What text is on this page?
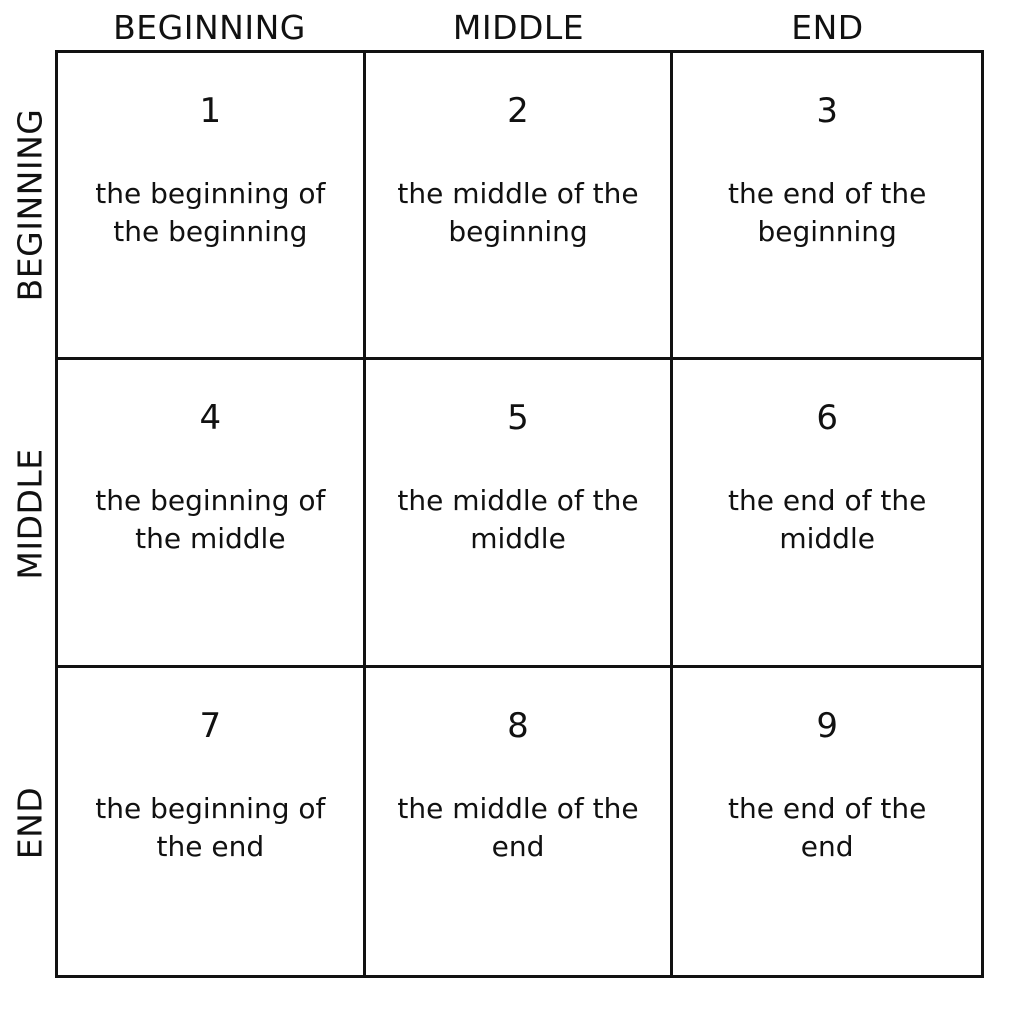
BEGINNING	MIDDLE	END
BEGINNING
MIDDLE
END
1
the beginning of
the beginning
2
the middle of the
beginning
3
the end of the
beginning
4
the beginning of
the middle
5
the middle of the
middle
6
the end of the
middle
7
the beginning of
the end
8
the middle of the
end
9
the end of the
end
